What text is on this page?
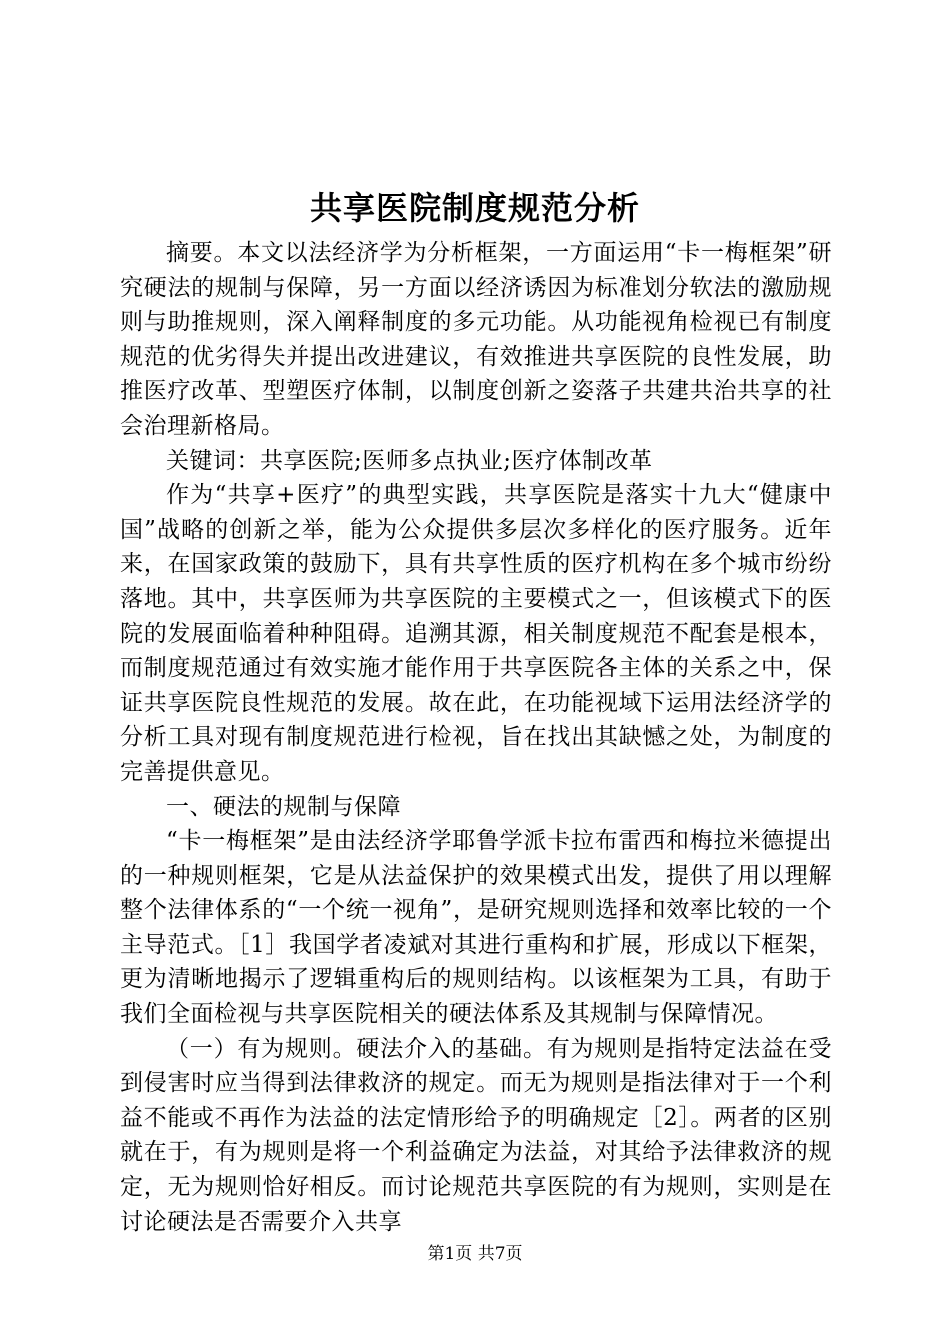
共享医院制度规范分析

摘要。本文以法经济学为分析框架，一方面运用“卡一梅框架”研究硬法的规制与保障，另一方面以经济诱因为标准划分软法的激励规则与助推规则，深入阐释制度的多元功能。从功能视角检视已有制度规范的优劣得失并提出改进建议，有效推进共享医院的良性发展，助推医疗改革、型塑医疗体制，以制度创新之姿落子共建共治共享的社会治理新格局。

关键词：共享医院;医师多点执业;医疗体制改革

作为“共享+医疗”的典型实践，共享医院是落实十九大“健康中国”战略的创新之举，能为公众提供多层次多样化的医疗服务。近年来，在国家政策的鼓励下，具有共享性质的医疗机构在多个城市纷纷落地。其中，共享医师为共享医院的主要模式之一，但该模式下的医院的发展面临着种种阻碍。追溯其源，相关制度规范不配套是根本，而制度规范通过有效实施才能作用于共享医院各主体的关系之中，保证共享医院良性规范的发展。故在此，在功能视域下运用法经济学的分析工具对现有制度规范进行检视，旨在找出其缺憾之处，为制度的完善提供意见。

一、硬法的规制与保障

“卡一梅框架”是由法经济学耶鲁学派卡拉布雷西和梅拉米德提出的一种规则框架，它是从法益保护的效果模式出发，提供了用以理解整个法律体系的“一个统一视角”，是研究规则选择和效率比较的一个主导范式。［1］我国学者凌斌对其进行重构和扩展，形成以下框架，更为清晰地揭示了逻辑重构后的规则结构。以该框架为工具，有助于我们全面检视与共享医院相关的硬法体系及其规制与保障情况。

（一）有为规则。硬法介入的基础。有为规则是指特定法益在受到侵害时应当得到法律救济的规定。而无为规则是指法律对于一个利益不能或不再作为法益的法定情形给予的明确规定［2］。两者的区别就在于，有为规则是将一个利益确定为法益，对其给予法律救济的规定，无为规则恰好相反。而讨论规范共享医院的有为规则，实则是在讨论硬法是否需要介入共享

第1页 共7页
